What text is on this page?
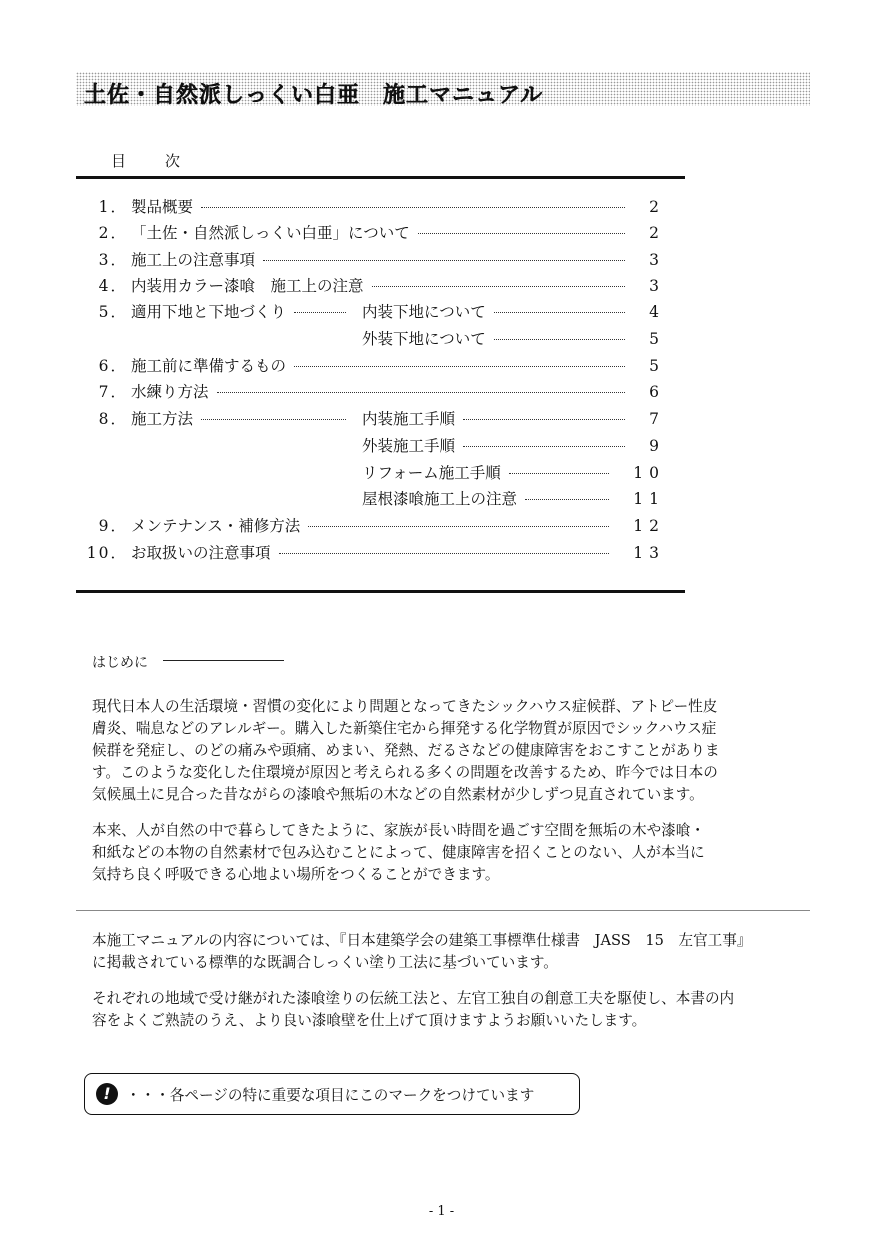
土佐・自然派しっくい白亜　施工マニュアル
目　次
1． 製品概要	2
2． 「土佐・自然派しっくい白亜」について	2
3． 施工上の注意事項	3
4． 内装用カラー漆喰　施工上の注意	3
5． 適用下地と下地づくり	内装下地について	4
外装下地について	5
6． 施工前に準備するもの	5
7． 水練り方法	6
8． 施工方法	内装施工手順	7
外装施工手順	9
リフォーム施工手順	10
屋根漆喰施工上の注意	11
9． メンテナンス・補修方法	12
10． お取扱いの注意事項	13
はじめに
現代日本人の生活環境・習慣の変化により問題となってきたシックハウス症候群、アトピー性皮
膚炎、喘息などのアレルギー。購入した新築住宅から揮発する化学物質が原因でシックハウス症
候群を発症し、のどの痛みや頭痛、めまい、発熱、だるさなどの健康障害をおこすことがありま
す。このような変化した住環境が原因と考えられる多くの問題を改善するため、昨今では日本の
気候風土に見合った昔ながらの漆喰や無垢の木などの自然素材が少しずつ見直されています。
本来、人が自然の中で暮らしてきたように、家族が長い時間を過ごす空間を無垢の木や漆喰・
和紙などの本物の自然素材で包み込むことによって、健康障害を招くことのない、人が本当に
気持ち良く呼吸できる心地よい場所をつくることができます。
本施工マニュアルの内容については、『日本建築学会の建築工事標準仕様書　JASS　15　左官工事』
に掲載されている標準的な既調合しっくい塗り工法に基づいています。
それぞれの地域で受け継がれた漆喰塗りの伝統工法と、左官工独自の創意工夫を駆使し、本書の内
容をよくご熟読のうえ、より良い漆喰壁を仕上げて頂けますようお願いいたします。
!	・・・各ページの特に重要な項目にこのマークをつけています
- 1 -
